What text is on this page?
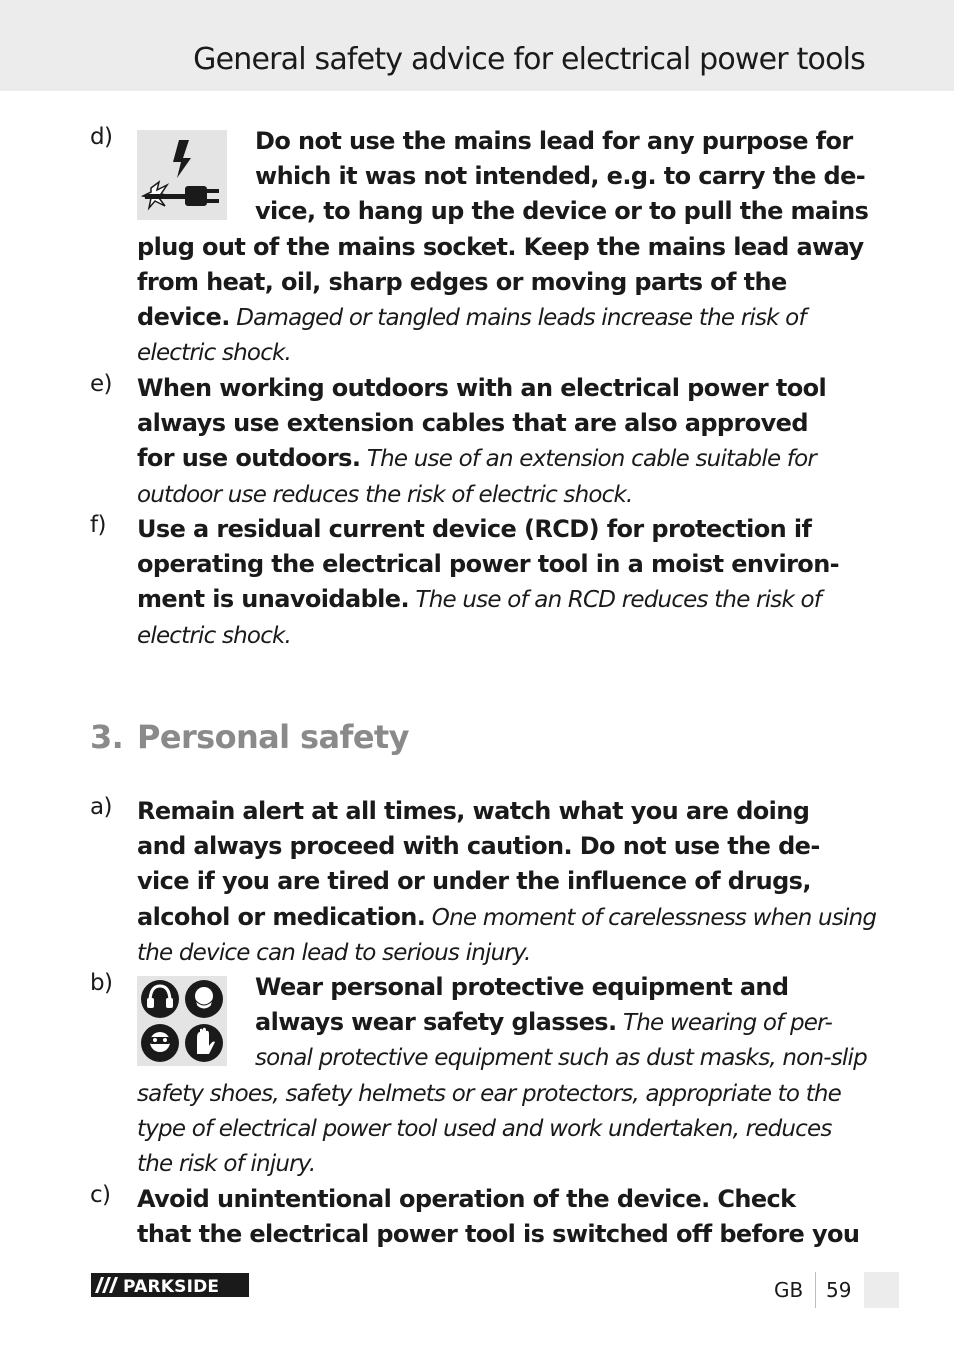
General safety advice for electrical power tools
d)	Do not use the mains lead for any purpose for
which it was not intended, e.g. to carry the de-
vice, to hang up the device or to pull the mains
plug out of the mains socket. Keep the mains lead away
from heat, oil, sharp edges or moving parts of the
device. Damaged or tangled mains leads increase the risk of
electric shock.
e) When working outdoors with an electrical power tool
always use extension cables that are also approved
for use outdoors. The use of an extension cable suitable for
outdoor use reduces the risk of electric shock.
f) Use a residual current device (RCD) for protection if
operating the electrical power tool in a moist environ-
ment is unavoidable. The use of an RCD reduces the risk of
electric shock.
3. Personal safety
a) Remain alert at all times, watch what you are doing
and always proceed with caution. Do not use the de-
vice if you are tired or under the influence of drugs,
alcohol or medication. One moment of carelessness when using
the device can lead to serious injury.
b)	Wear personal protective equipment and
always wear safety glasses. The wearing of per-
sonal protective equipment such as dust masks, non-slip
safety shoes, safety helmets or ear protectors, appropriate to the
type of electrical power tool used and work undertaken, reduces
the risk of injury.
c) Avoid unintentional operation of the device. Check
that the electrical power tool is switched off before you
PARKSIDE	GB 59
